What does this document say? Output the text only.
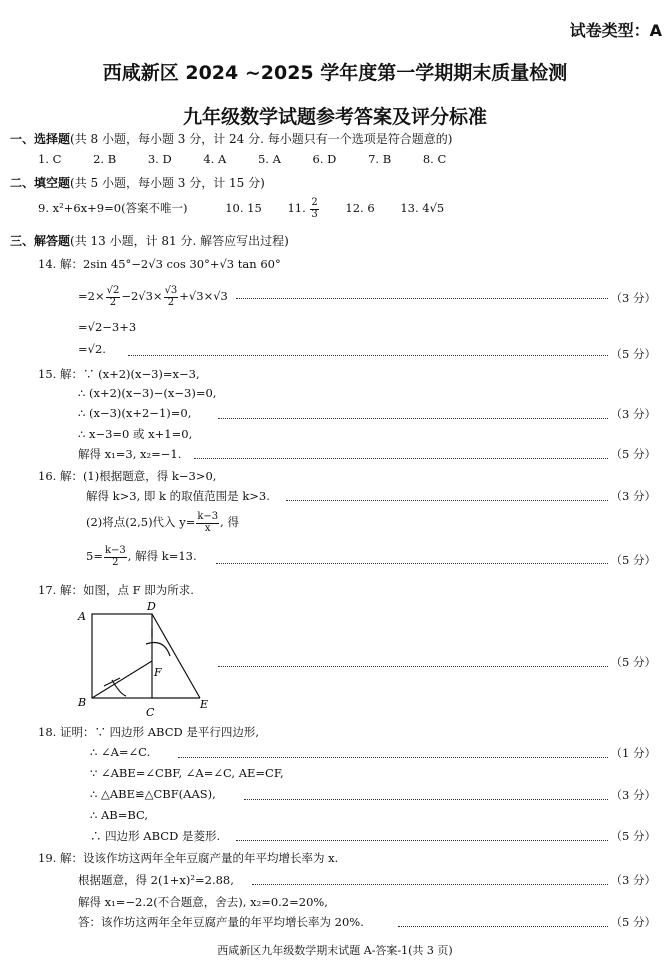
试卷类型：A
西咸新区 2024 ~2025 学年度第一学期期末质量检测
九年级数学试题参考答案及评分标准
一、选择题(共 8 小题，每小题 3 分，计 24 分. 每小题只有一个选项是符合题意的)
1. C	2. B	3. D	4. A	5. A	6. D	7. B	8. C
二、填空题(共 5 小题，每小题 3 分，计 15 分)
9. x²+6x+9=0(答案不唯一)	10. 15 11. $\frac{2}{3} 12$. 6 13. 4√5
三、解答题(共 13 小题，计 81 分. 解答应写出过程)
14. 解：2sin 45°−2√3 cos 30°+√3 tan 60°
$=2\times \frac{√2}{2} -2√3\times \frac{√3}{2} +√3\times√3$	（3 分）
=√2−3+3
=√2.	（5 分）
15. 解：∵ (x+2)(x−3)=x−3,
∴ (x+2)(x−3)−(x−3)=0,
∴ (x−3)(x+2−1)=0,	（3 分）
∴ x−3=0 或 x+1=0,
解得 x₁=3, x₂=−1.	（5 分）
16. 解：(1)根据题意，得 k−3>0,
解得 k>3, 即 k 的取值范围是 k>3.	（3 分）
(2)将点(2,5)代入 $y= \frac{k-3}{x}$ , 得
$5= \frac{k-3}{2}$ , 解得 k=13.	（5 分）
17. 解：如图，点 F 即为所求.
A
B
C
D
E
F
（5 分）
18. 证明：∵ 四边形 ABCD 是平行四边形,
∴ ∠A=∠C.	（1 分）
∵ ∠ABE=∠CBF, ∠A=∠C, AE=CF,
∴ △ABE≌△CBF(AAS),	（3 分）
∴ AB=BC,
∴ 四边形 ABCD 是菱形.	（5 分）
19. 解：设该作坊这两年全年豆腐产量的年平均增长率为 x.
根据题意，得 2(1+x)²=2.88,	（3 分）
解得 x₁=−2.2(不合题意，舍去), x₂=0.2=20%,
答：该作坊这两年全年豆腐产量的年平均增长率为 20%.	（5 分）
西咸新区九年级数学期末试题 A-答案-1(共 3 页)
